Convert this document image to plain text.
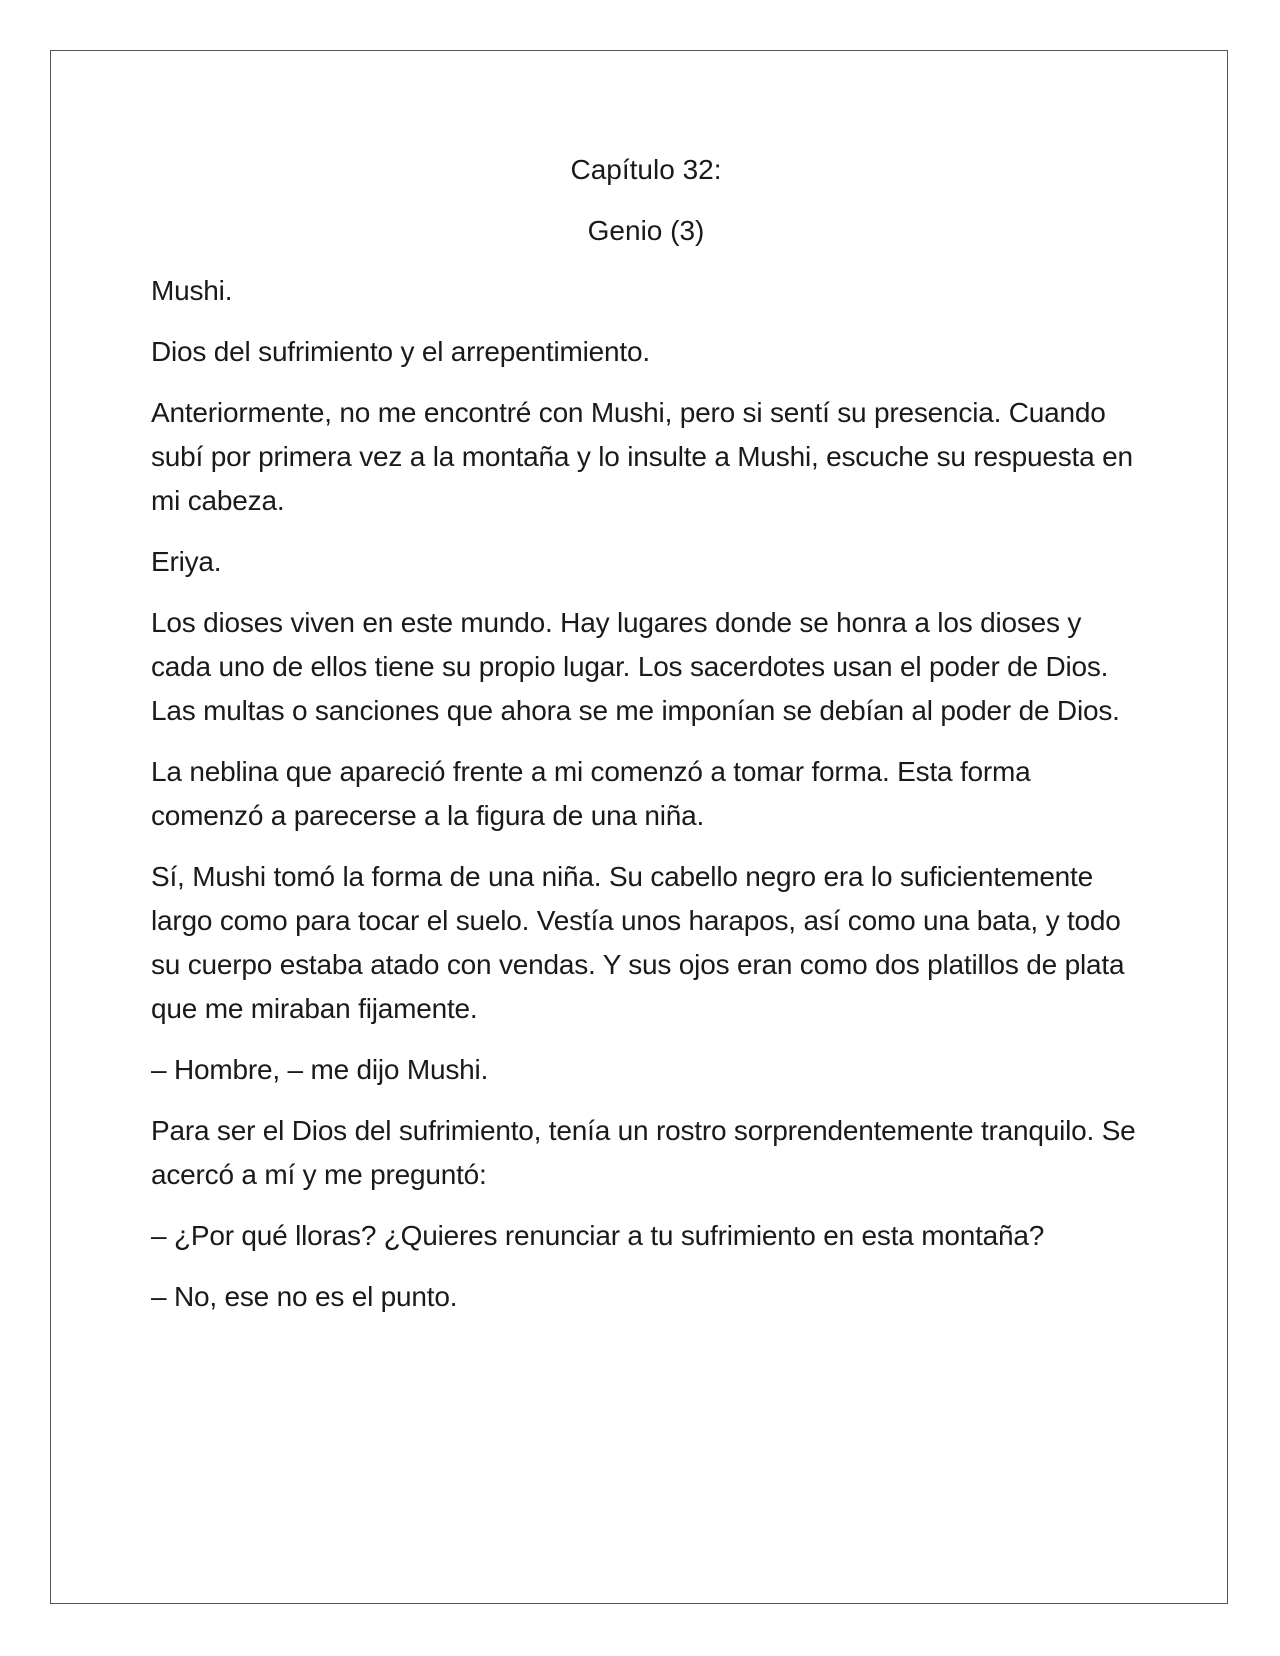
Capítulo 32:

Genio (3)

Mushi.

Dios del sufrimiento y el arrepentimiento.

Anteriormente, no me encontré con Mushi, pero si sentí su presencia. Cuando subí por primera vez a la montaña y lo insulte a Mushi, escuche su respuesta en mi cabeza.

Eriya.

Los dioses viven en este mundo. Hay lugares donde se honra a los dioses y cada uno de ellos tiene su propio lugar. Los sacerdotes usan el poder de Dios. Las multas o sanciones que ahora se me imponían se debían al poder de Dios.

La neblina que apareció frente a mi comenzó a tomar forma. Esta forma comenzó a parecerse a la figura de una niña.

Sí, Mushi tomó la forma de una niña. Su cabello negro era lo suficientemente largo como para tocar el suelo. Vestía unos harapos, así como una bata, y todo su cuerpo estaba atado con vendas. Y sus ojos eran como dos platillos de plata que me miraban fijamente.

– Hombre, – me dijo Mushi.

Para ser el Dios del sufrimiento, tenía un rostro sorprendentemente tranquilo. Se acercó a mí y me preguntó:

– ¿Por qué lloras? ¿Quieres renunciar a tu sufrimiento en esta montaña?

– No, ese no es el punto.
